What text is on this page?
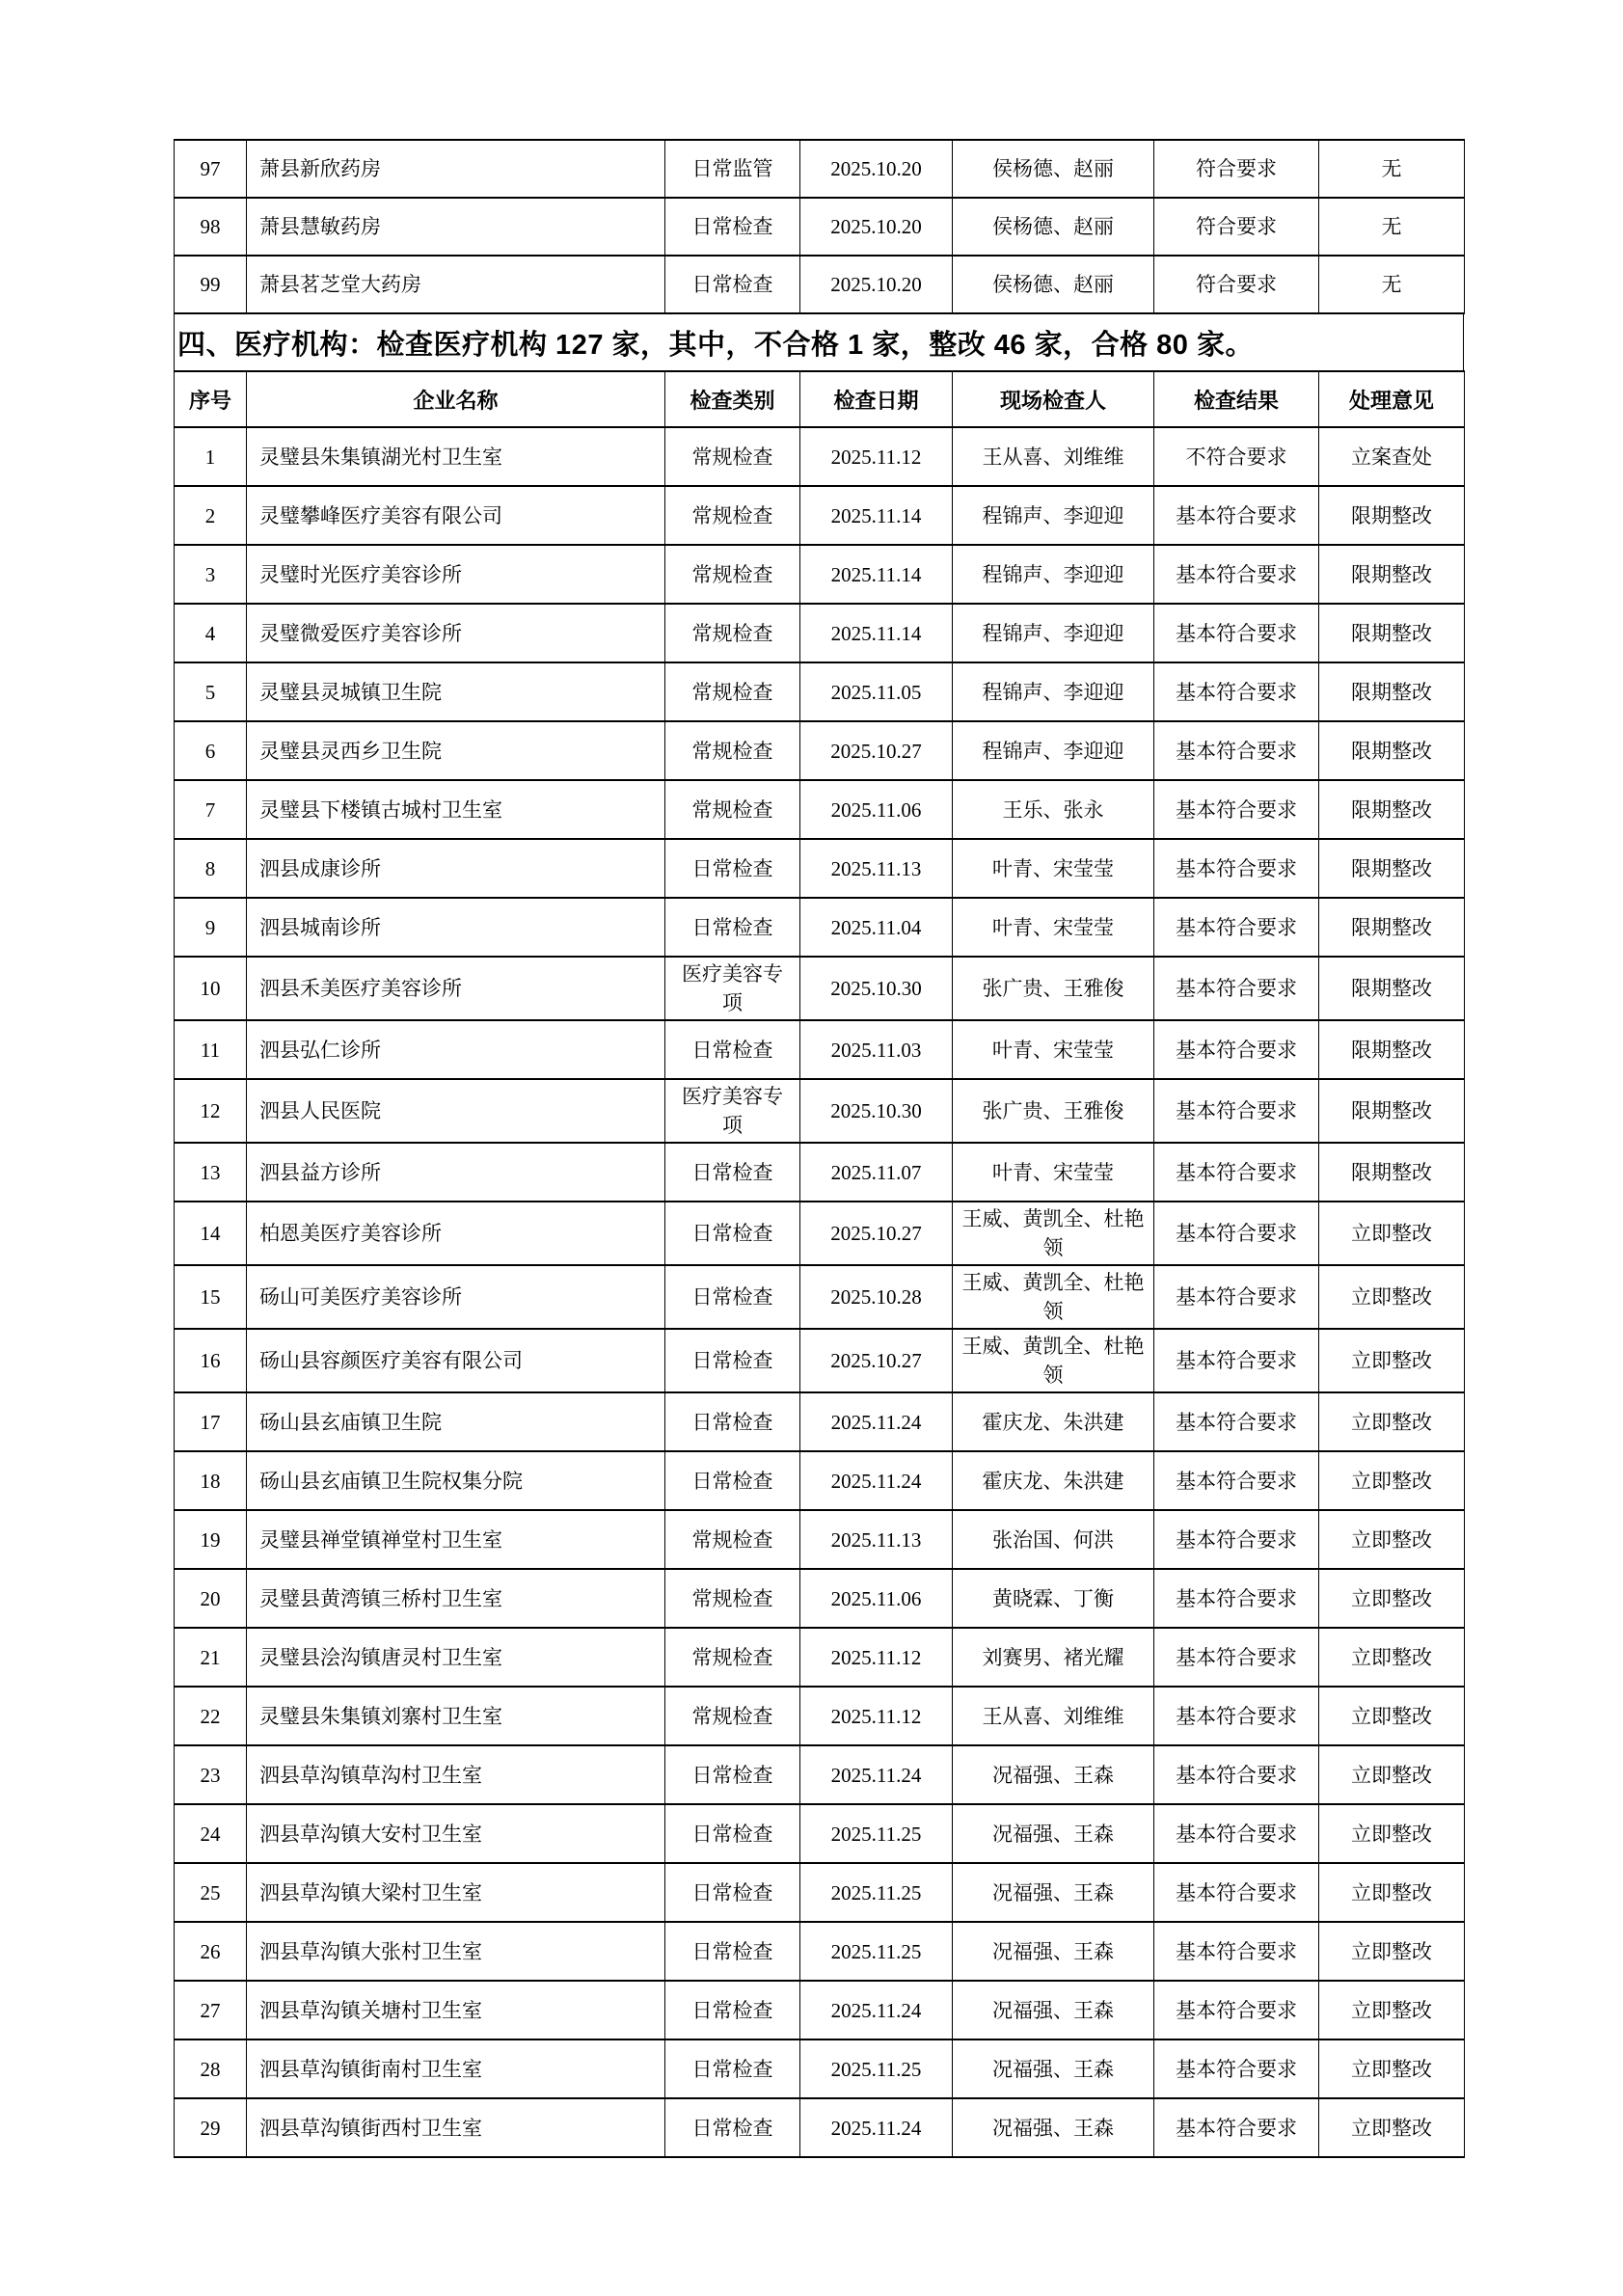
97	萧县新欣药房	日常监管	2025.10.20	侯杨德、赵丽	符合要求	无
98	萧县慧敏药房	日常检查	2025.10.20	侯杨德、赵丽	符合要求	无
99	萧县茗芝堂大药房	日常检查	2025.10.20	侯杨德、赵丽	符合要求	无
四、医疗机构：检查医疗机构 127 家，其中，不合格 1 家，整改 46 家，合格 80 家。
序号	企业名称	检查类别	检查日期	现场检查人	检查结果	处理意见
1	灵璧县朱集镇湖光村卫生室	常规检查	2025.11.12	王从喜、刘维维	不符合要求	立案查处
2	灵璧攀峰医疗美容有限公司	常规检查	2025.11.14	程锦声、李迎迎	基本符合要求	限期整改
3	灵璧时光医疗美容诊所	常规检查	2025.11.14	程锦声、李迎迎	基本符合要求	限期整改
4	灵璧微爱医疗美容诊所	常规检查	2025.11.14	程锦声、李迎迎	基本符合要求	限期整改
5	灵璧县灵城镇卫生院	常规检查	2025.11.05	程锦声、李迎迎	基本符合要求	限期整改
6	灵璧县灵西乡卫生院	常规检查	2025.10.27	程锦声、李迎迎	基本符合要求	限期整改
7	灵璧县下楼镇古城村卫生室	常规检查	2025.11.06	王乐、张永	基本符合要求	限期整改
8	泗县成康诊所	日常检查	2025.11.13	叶青、宋莹莹	基本符合要求	限期整改
9	泗县城南诊所	日常检查	2025.11.04	叶青、宋莹莹	基本符合要求	限期整改
10	泗县禾美医疗美容诊所	医疗美容专项	2025.10.30	张广贵、王雅俊	基本符合要求	限期整改
11	泗县弘仁诊所	日常检查	2025.11.03	叶青、宋莹莹	基本符合要求	限期整改
12	泗县人民医院	医疗美容专项	2025.10.30	张广贵、王雅俊	基本符合要求	限期整改
13	泗县益方诊所	日常检查	2025.11.07	叶青、宋莹莹	基本符合要求	限期整改
14	柏恩美医疗美容诊所	日常检查	2025.10.27	王威、黄凯全、杜艳领	基本符合要求	立即整改
15	砀山可美医疗美容诊所	日常检查	2025.10.28	王威、黄凯全、杜艳领	基本符合要求	立即整改
16	砀山县容颜医疗美容有限公司	日常检查	2025.10.27	王威、黄凯全、杜艳领	基本符合要求	立即整改
17	砀山县玄庙镇卫生院	日常检查	2025.11.24	霍庆龙、朱洪建	基本符合要求	立即整改
18	砀山县玄庙镇卫生院权集分院	日常检查	2025.11.24	霍庆龙、朱洪建	基本符合要求	立即整改
19	灵璧县禅堂镇禅堂村卫生室	常规检查	2025.11.13	张治国、何洪	基本符合要求	立即整改
20	灵璧县黄湾镇三桥村卫生室	常规检查	2025.11.06	黄晓霖、丁衡	基本符合要求	立即整改
21	灵璧县浍沟镇唐灵村卫生室	常规检查	2025.11.12	刘赛男、褚光耀	基本符合要求	立即整改
22	灵璧县朱集镇刘寨村卫生室	常规检查	2025.11.12	王从喜、刘维维	基本符合要求	立即整改
23	泗县草沟镇草沟村卫生室	日常检查	2025.11.24	况福强、王森	基本符合要求	立即整改
24	泗县草沟镇大安村卫生室	日常检查	2025.11.25	况福强、王森	基本符合要求	立即整改
25	泗县草沟镇大梁村卫生室	日常检查	2025.11.25	况福强、王森	基本符合要求	立即整改
26	泗县草沟镇大张村卫生室	日常检查	2025.11.25	况福强、王森	基本符合要求	立即整改
27	泗县草沟镇关塘村卫生室	日常检查	2025.11.24	况福强、王森	基本符合要求	立即整改
28	泗县草沟镇街南村卫生室	日常检查	2025.11.25	况福强、王森	基本符合要求	立即整改
29	泗县草沟镇街西村卫生室	日常检查	2025.11.24	况福强、王森	基本符合要求	立即整改
